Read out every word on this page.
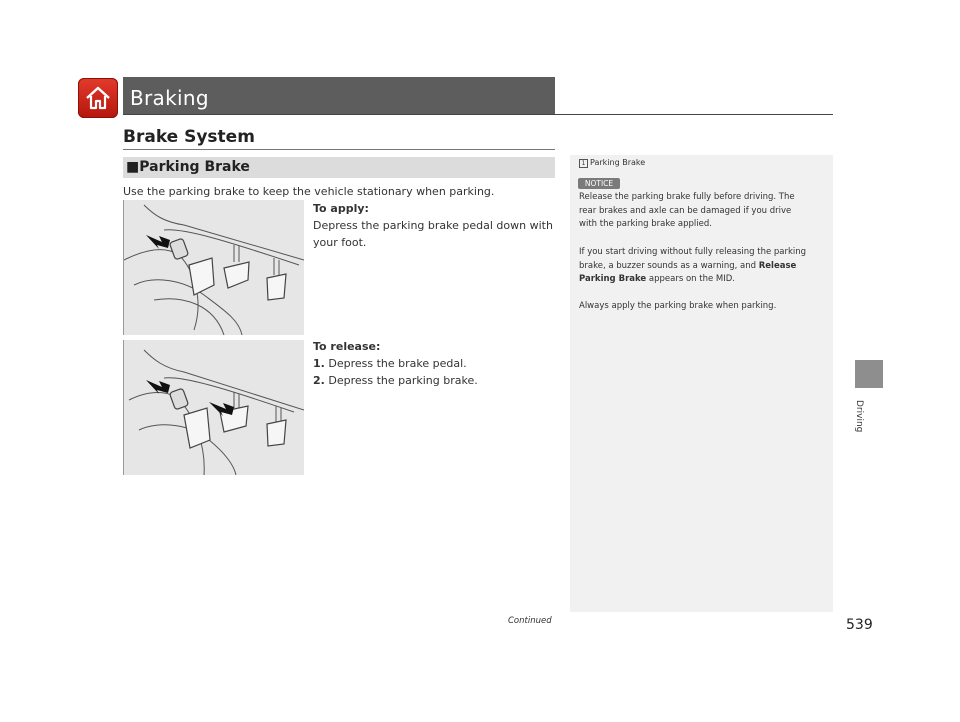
Braking
Brake System
■Parking Brake
Use the parking brake to keep the vehicle stationary when parking.
To apply:
Depress the parking brake pedal down with
your foot.
To release:
1. Depress the brake pedal.
2. Depress the parking brake.
1 Parking Brake
NOTICE
Release the parking brake fully before driving. The
rear brakes and axle can be damaged if you drive
with the parking brake applied.
If you start driving without fully releasing the parking
brake, a buzzer sounds as a warning, and Release
Parking Brake appears on the MID.
Always apply the parking brake when parking.
Driving
Continued	539
